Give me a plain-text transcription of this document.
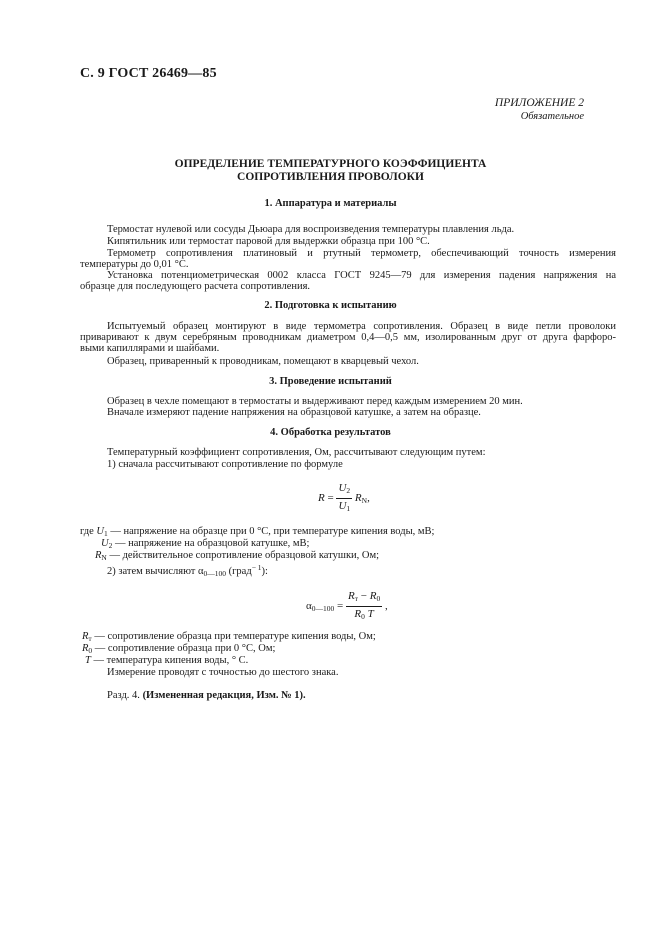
С. 9 ГОСТ 26469—85
ПРИЛОЖЕНИЕ 2
Обязательное
ОПРЕДЕЛЕНИЕ ТЕМПЕРАТУРНОГО КОЭФФИЦИЕНТА
СОПРОТИВЛЕНИЯ ПРОВОЛОКИ
1. Аппаратура и материалы
Термостат нулевой или сосуды Дьюара для воспроизведения температуры плавления льда.
Кипятильник или термостат паровой для выдержки образца при 100 °С.
Термометр сопротивления платиновый и ртутный термометр, обеспечивающий точность измерения
температуры до 0,01 °С.
Установка потенциометрическая 0002 класса ГОСТ 9245—79 для измерения падения напряжения на
образце для последующего расчета сопротивления.
2. Подготовка к испытанию
Испытуемый образец монтируют в виде термометра сопротивления. Образец в виде петли проволоки
приваривают к двум серебряным проводникам диаметром 0,4—0,5 мм, изолированным друг от друга фарфоро-
выми капиллярами и шайбами.
Образец, приваренный к проводникам, помещают в кварцевый чехол.
3. Проведение испытаний
Образец в чехле помещают в термостаты и выдерживают перед каждым измерением 20 мин.
Вначале измеряют падение напряжения на образцовой катушке, а затем на образце.
4. Обработка результатов
Температурный коэффициент сопротивления, Ом, рассчитывают следующим путем:
1) сначала рассчитывают сопротивление по формуле
$R = \frac{U2}{U1}$ RN,
где U1 — напряжение на образце при 0 °С, при температуре кипения воды, мВ;
U2 — напряжение на образцовой катушке, мВ;
RN — действительное сопротивление образцовой катушки, Ом;
2) затем вычисляют α0—100 (град$^{- 1}$):
α0—100 = $\frac{Rт - R0}{R0 T}$ ,
Rт — сопротивление образца при температуре кипения воды, Ом;
R0 — сопротивление образца при 0 °С, Ом;
T — температура кипения воды, ° С.
Измерение проводят с точностью до шестого знака.
Разд. 4. (Измененная редакция, Изм. № 1).
